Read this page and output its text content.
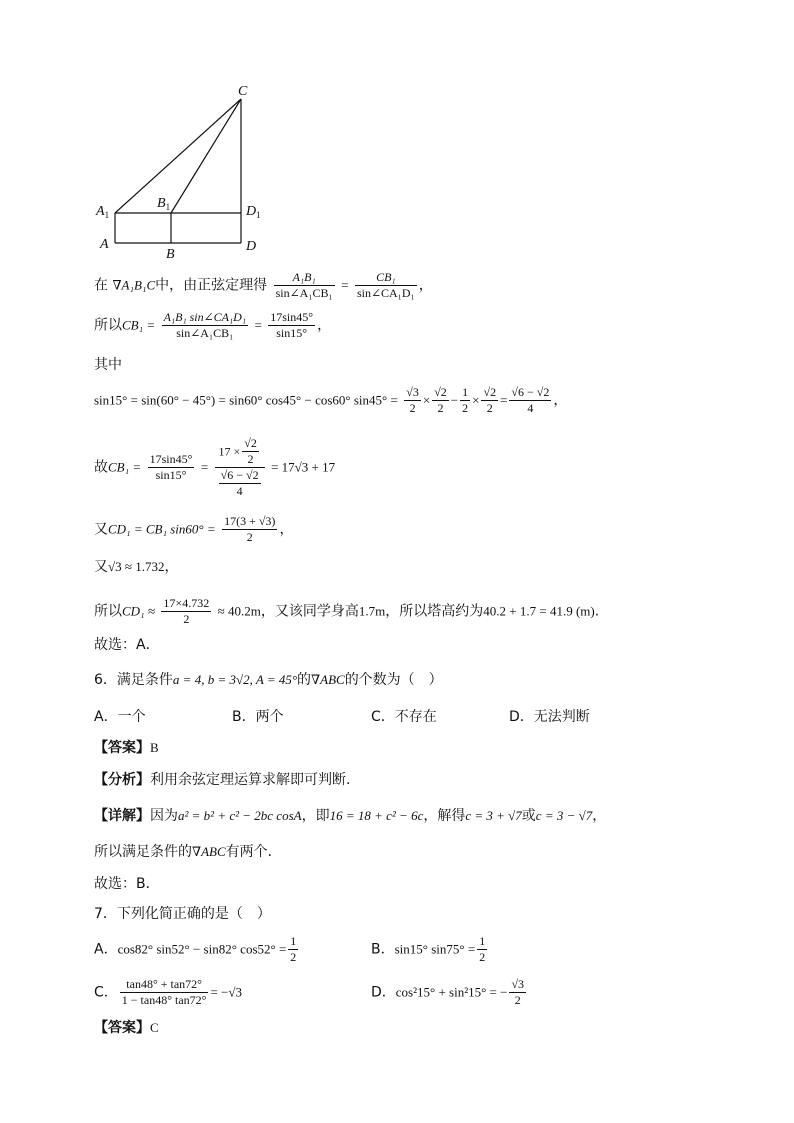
C
$A_1$
$B_1$	$D_1$
A
B
D
在 ∇A₁B₁C中，由正弦定理得 $\frac{\text{A₁B₁}}{\text{sin∠A₁CB₁}} = \frac{\text{CB₁}}{\text{sin∠CA₁D₁}}$ ，
所以$CB_1 = \frac{\text{A₁B₁ sin∠CA₁D₁}}{\text{sin∠A₁CB₁}} = \frac{17\sin 45^\circ}{\sin 15^\circ}$ ，
其中
sin15° = sin(60° − 45°) = sin60° cos45° − cos60° $\sin 45^\circ = \frac{√3}{2} \times \frac{√2}{2} - \frac{1}{2} \times \frac{√2}{2} = \frac{√6 - √2}{4}$ ，
故$CB_1 = \frac{17\sin 45^\circ}{\sin 15^\circ} = \frac{17 \times \frac{√2}{2}}{\frac{√6 - √2}{4}} = 17√3 + 17$
又CD₁ = CB₁ $\sin 60^\circ = \frac{17(3 + √3)}{2}$ ，
又√3 ≈ 1.732，
所以$CD_1 \approx \frac{17\times 4.732}{2} \approx 40.2m$，又该同学身高1.7m，所以塔高约为40.2 + 1.7 = 41.9 (m).
故选：A．
6．满足条件a = 4, b = 3√2, A = 45°的∇ABC的个数为（　）
A．一个	B．两个	C．不存在	D．无法判断
【答案】B
【分析】利用余弦定理运算求解即可判断.
【详解】因为a² = b² + c² − 2bc cosA，即16 = 18 + c² − 6c，解得c = 3 + √7或c = 3 − √7，
所以满足条件的∇ABC有两个．
故选：B．
7．下列化简正确的是（　）
A．cos82° sin52° − sin82° $\cos 52^\circ = \frac{1}{2}$	B．sin15° $\sin 75^\circ = \frac{1}{2}$
C． $\frac{\tan 48^\circ + \tan 72^\circ}{1 - \tan 48^\circ \tan 72^\circ} = -√3$	D．cos²15° + sin²15° = − $\frac{√3}{2}$
【答案】C
